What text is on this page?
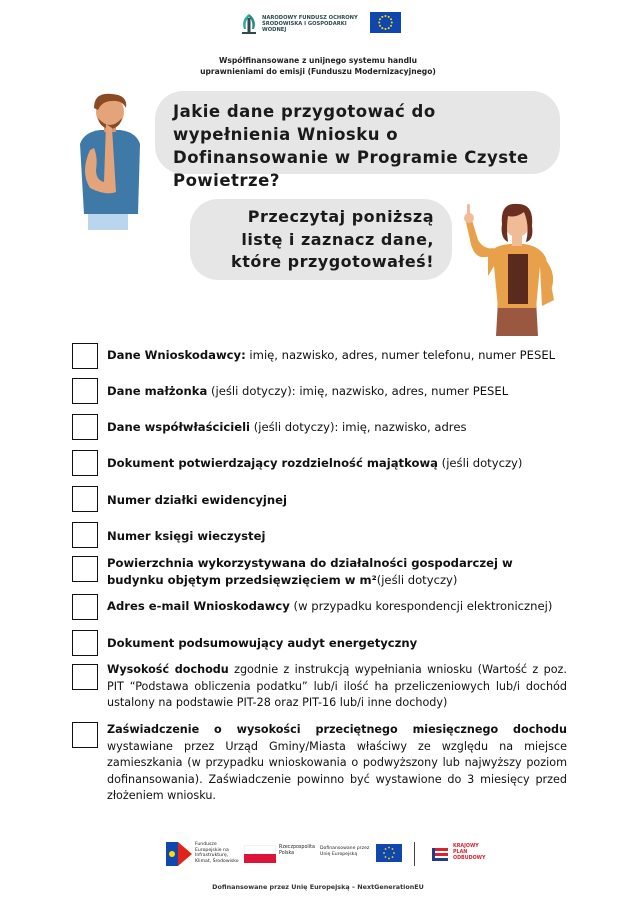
NARODOWY FUNDUSZ OCHRONY ŚRODOWISKA I GOSPODARKI WODNEJ
Współfinansowane z unijnego systemu handlu
uprawnieniami do emisji (Funduszu Modernizacyjnego)
Jakie dane przygotować do wypełnienia Wniosku o Dofinansowanie w Programie Czyste Powietrze?
Przeczytaj poniższą listę i zaznacz dane, które przygotowałeś!
Dane Wnioskodawcy: imię, nazwisko, adres, numer telefonu, numer PESEL
Dane małżonka (jeśli dotyczy): imię, nazwisko, adres, numer PESEL
Dane współwłaścicieli (jeśli dotyczy): imię, nazwisko, adres
Dokument potwierdzający rozdzielność majątkową (jeśli dotyczy)
Numer działki ewidencyjnej
Numer księgi wieczystej
Powierzchnia wykorzystywana do działalności gospodarczej w budynku objętym przedsięwzięciem w m²(jeśli dotyczy)
Adres e-mail Wnioskodawcy (w przypadku korespondencji elektronicznej)
Dokument podsumowujący audyt energetyczny
Wysokość dochodu zgodnie z instrukcją wypełniania wniosku (Wartość z poz. PIT “Podstawa obliczenia podatku” lub/i ilość ha przeliczeniowych lub/i dochód ustalony na podstawie PIT-28 oraz PIT-16 lub/i inne dochody)
Zaświadczenie o wysokości przeciętnego miesięcznego dochodu wystawiane przez Urząd Gminy/Miasta właściwy ze względu na miejsce zamieszkania (w przypadku wnioskowania o podwyższony lub najwyższy poziom dofinansowania). Zaświadczenie powinno być wystawione do 3 miesięcy przed złożeniem wniosku.
Fundusze Europejskie na Infrastrukturę, Klimat, Środowisko
Rzeczpospolita Polska
Dofinansowane przez Unię Europejską
KRAJOWY PLAN ODBUDOWY
Dofinansowane przez Unię Europejską – NextGenerationEU
